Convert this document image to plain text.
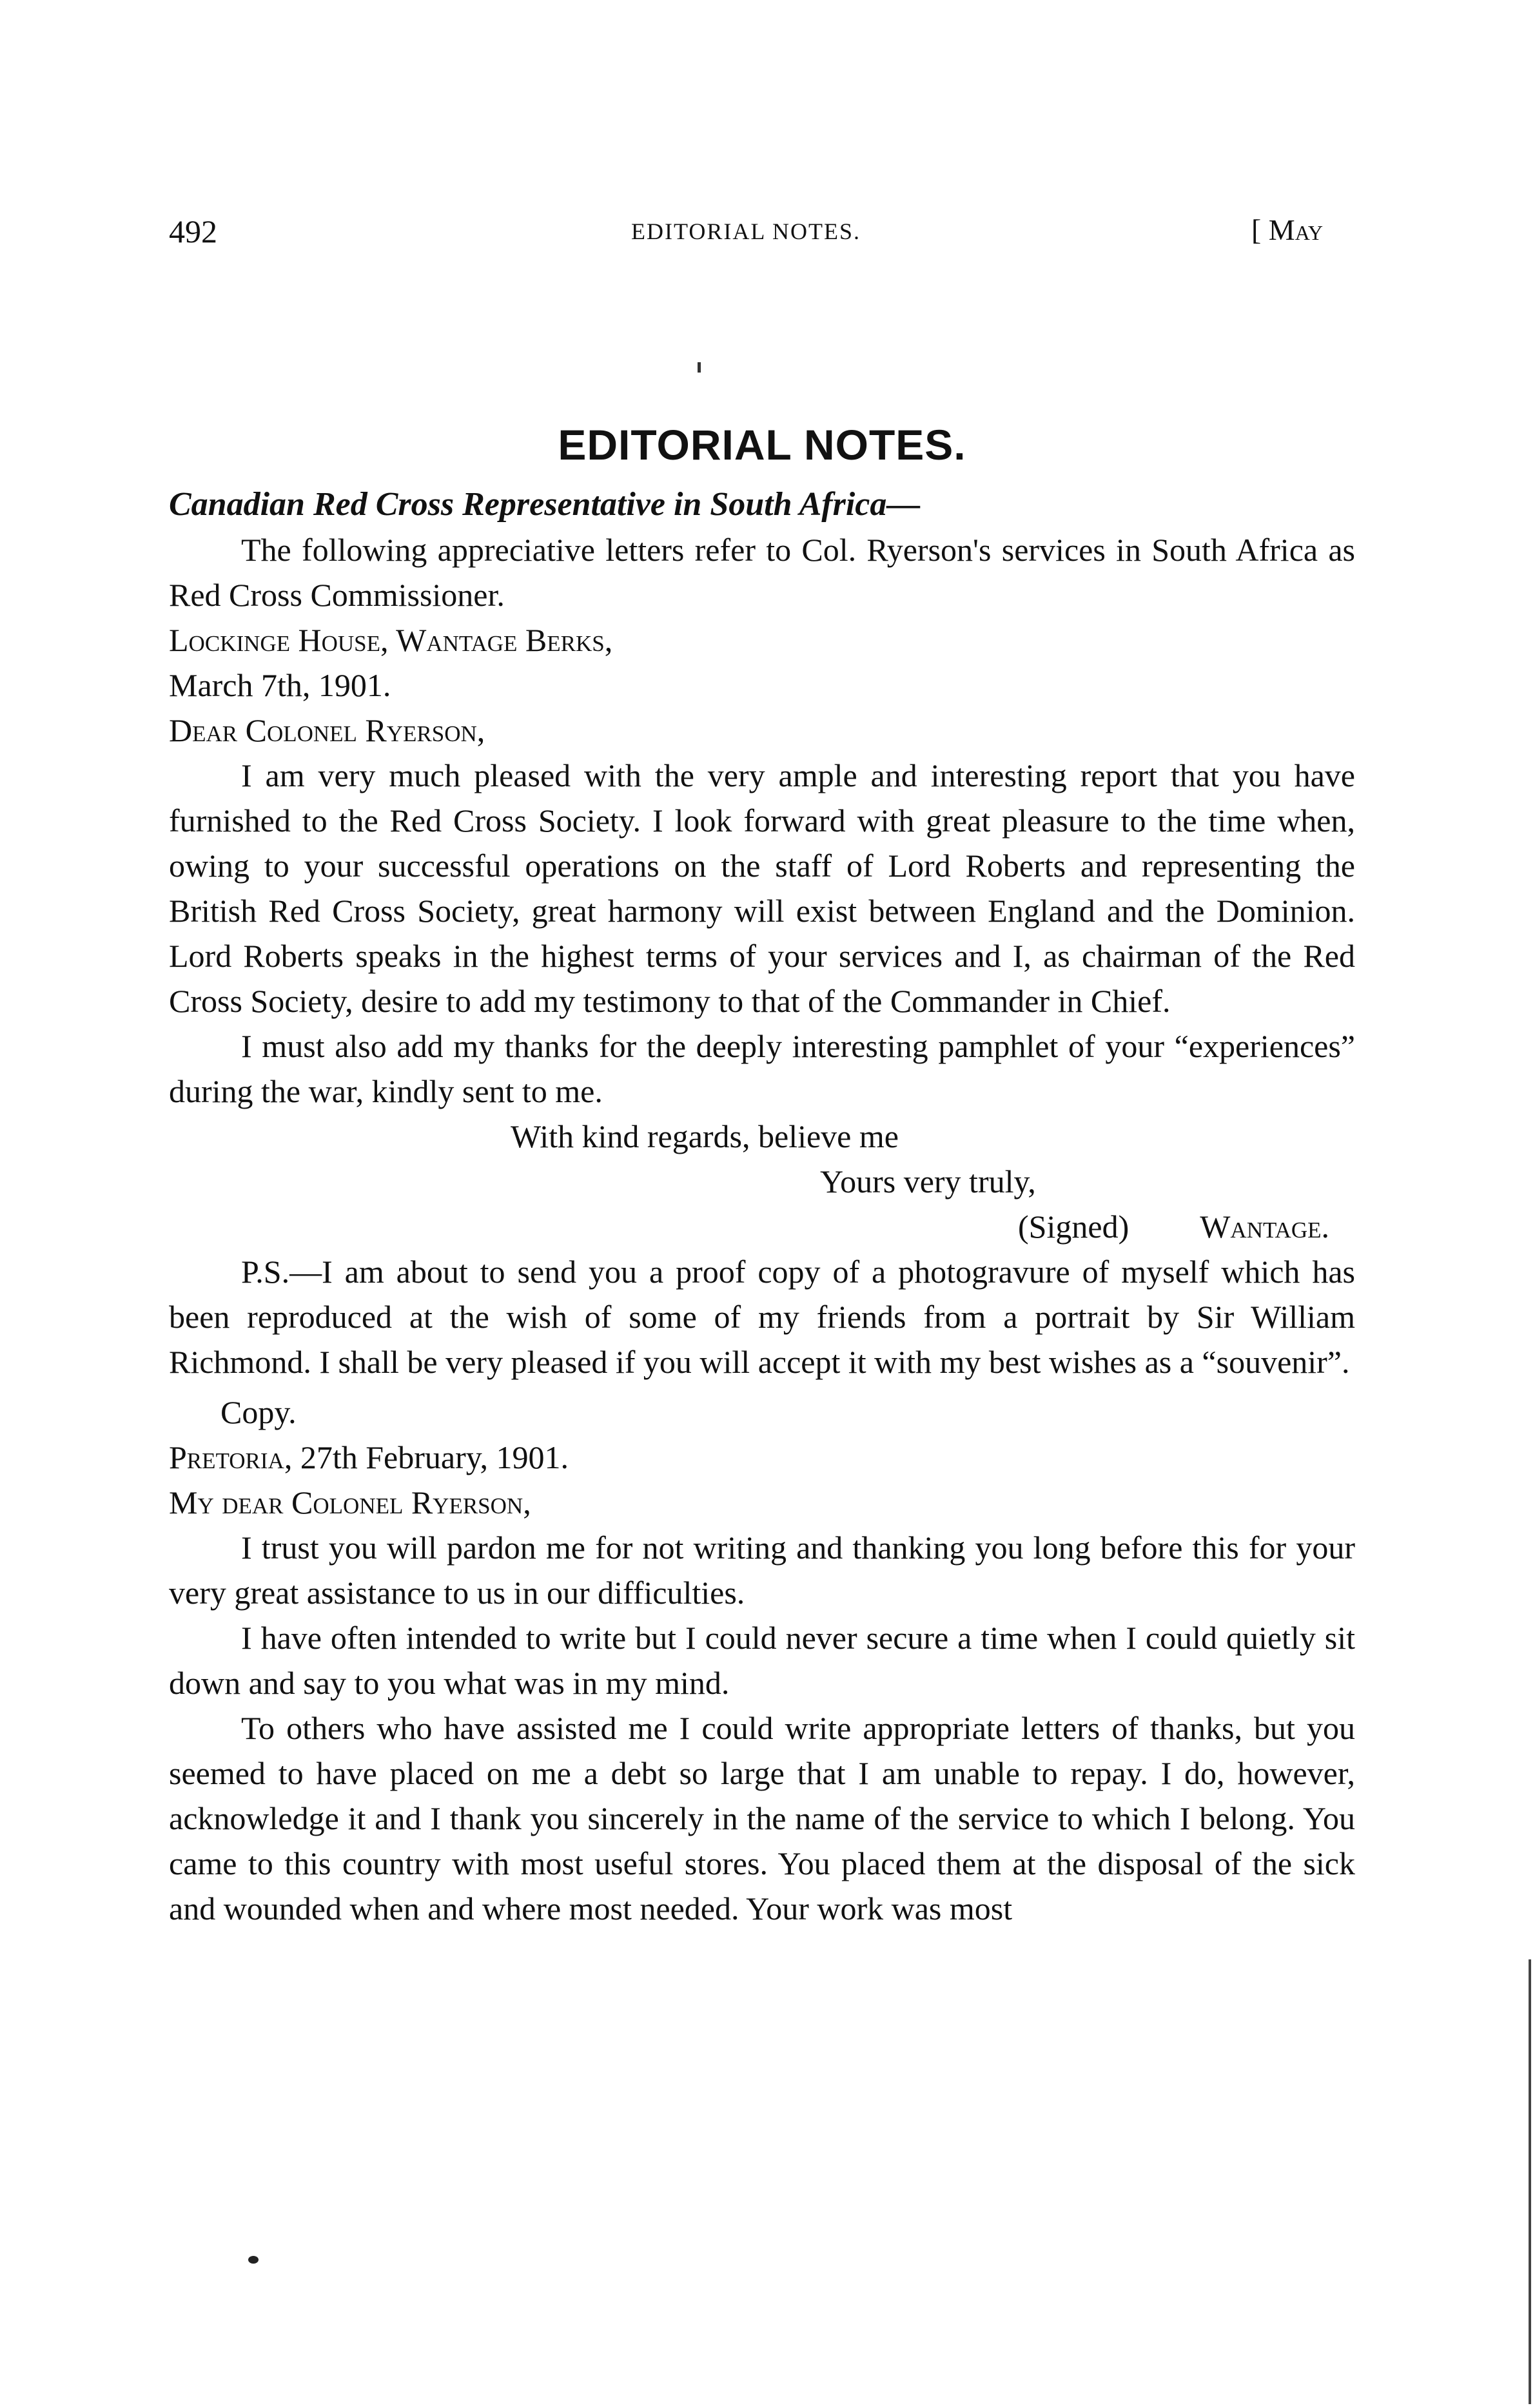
492	EDITORIAL NOTES.	[ May
EDITORIAL NOTES.
Canadian Red Cross Representative in South Africa—

The following appreciative letters refer to Col. Ryerson's services in South Africa as Red Cross Commissioner.

Lockinge House, Wantage Berks,

March 7th, 1901.

Dear Colonel Ryerson,

I am very much pleased with the very ample and interesting report that you have furnished to the Red Cross Society. I look forward with great pleasure to the time when, owing to your successful operations on the staff of Lord Roberts and representing the British Red Cross Society, great harmony will exist between England and the Dominion. Lord Roberts speaks in the highest terms of your services and I, as chairman of the Red Cross Society, desire to add my testimony to that of the Commander in Chief.

I must also add my thanks for the deeply interesting pamphlet of your “experiences” during the war, kindly sent to me.

With kind regards, believe me

Yours very truly,

(Signed) Wantage.

P.S.—I am about to send you a proof copy of a photogravure of myself which has been reproduced at the wish of some of my friends from a portrait by Sir William Richmond. I shall be very pleased if you will accept it with my best wishes as a “souvenir”.

Copy.

Pretoria, 27th February, 1901.

My dear Colonel Ryerson,

I trust you will pardon me for not writing and thanking you long before this for your very great assistance to us in our difficulties.

I have often intended to write but I could never secure a time when I could quietly sit down and say to you what was in my mind.

To others who have assisted me I could write appropriate letters of thanks, but you seemed to have placed on me a debt so large that I am unable to repay. I do, however, acknowledge it and I thank you sincerely in the name of the service to which I belong. You came to this country with most useful stores. You placed them at the disposal of the sick and wounded when and where most needed. Your work was most
